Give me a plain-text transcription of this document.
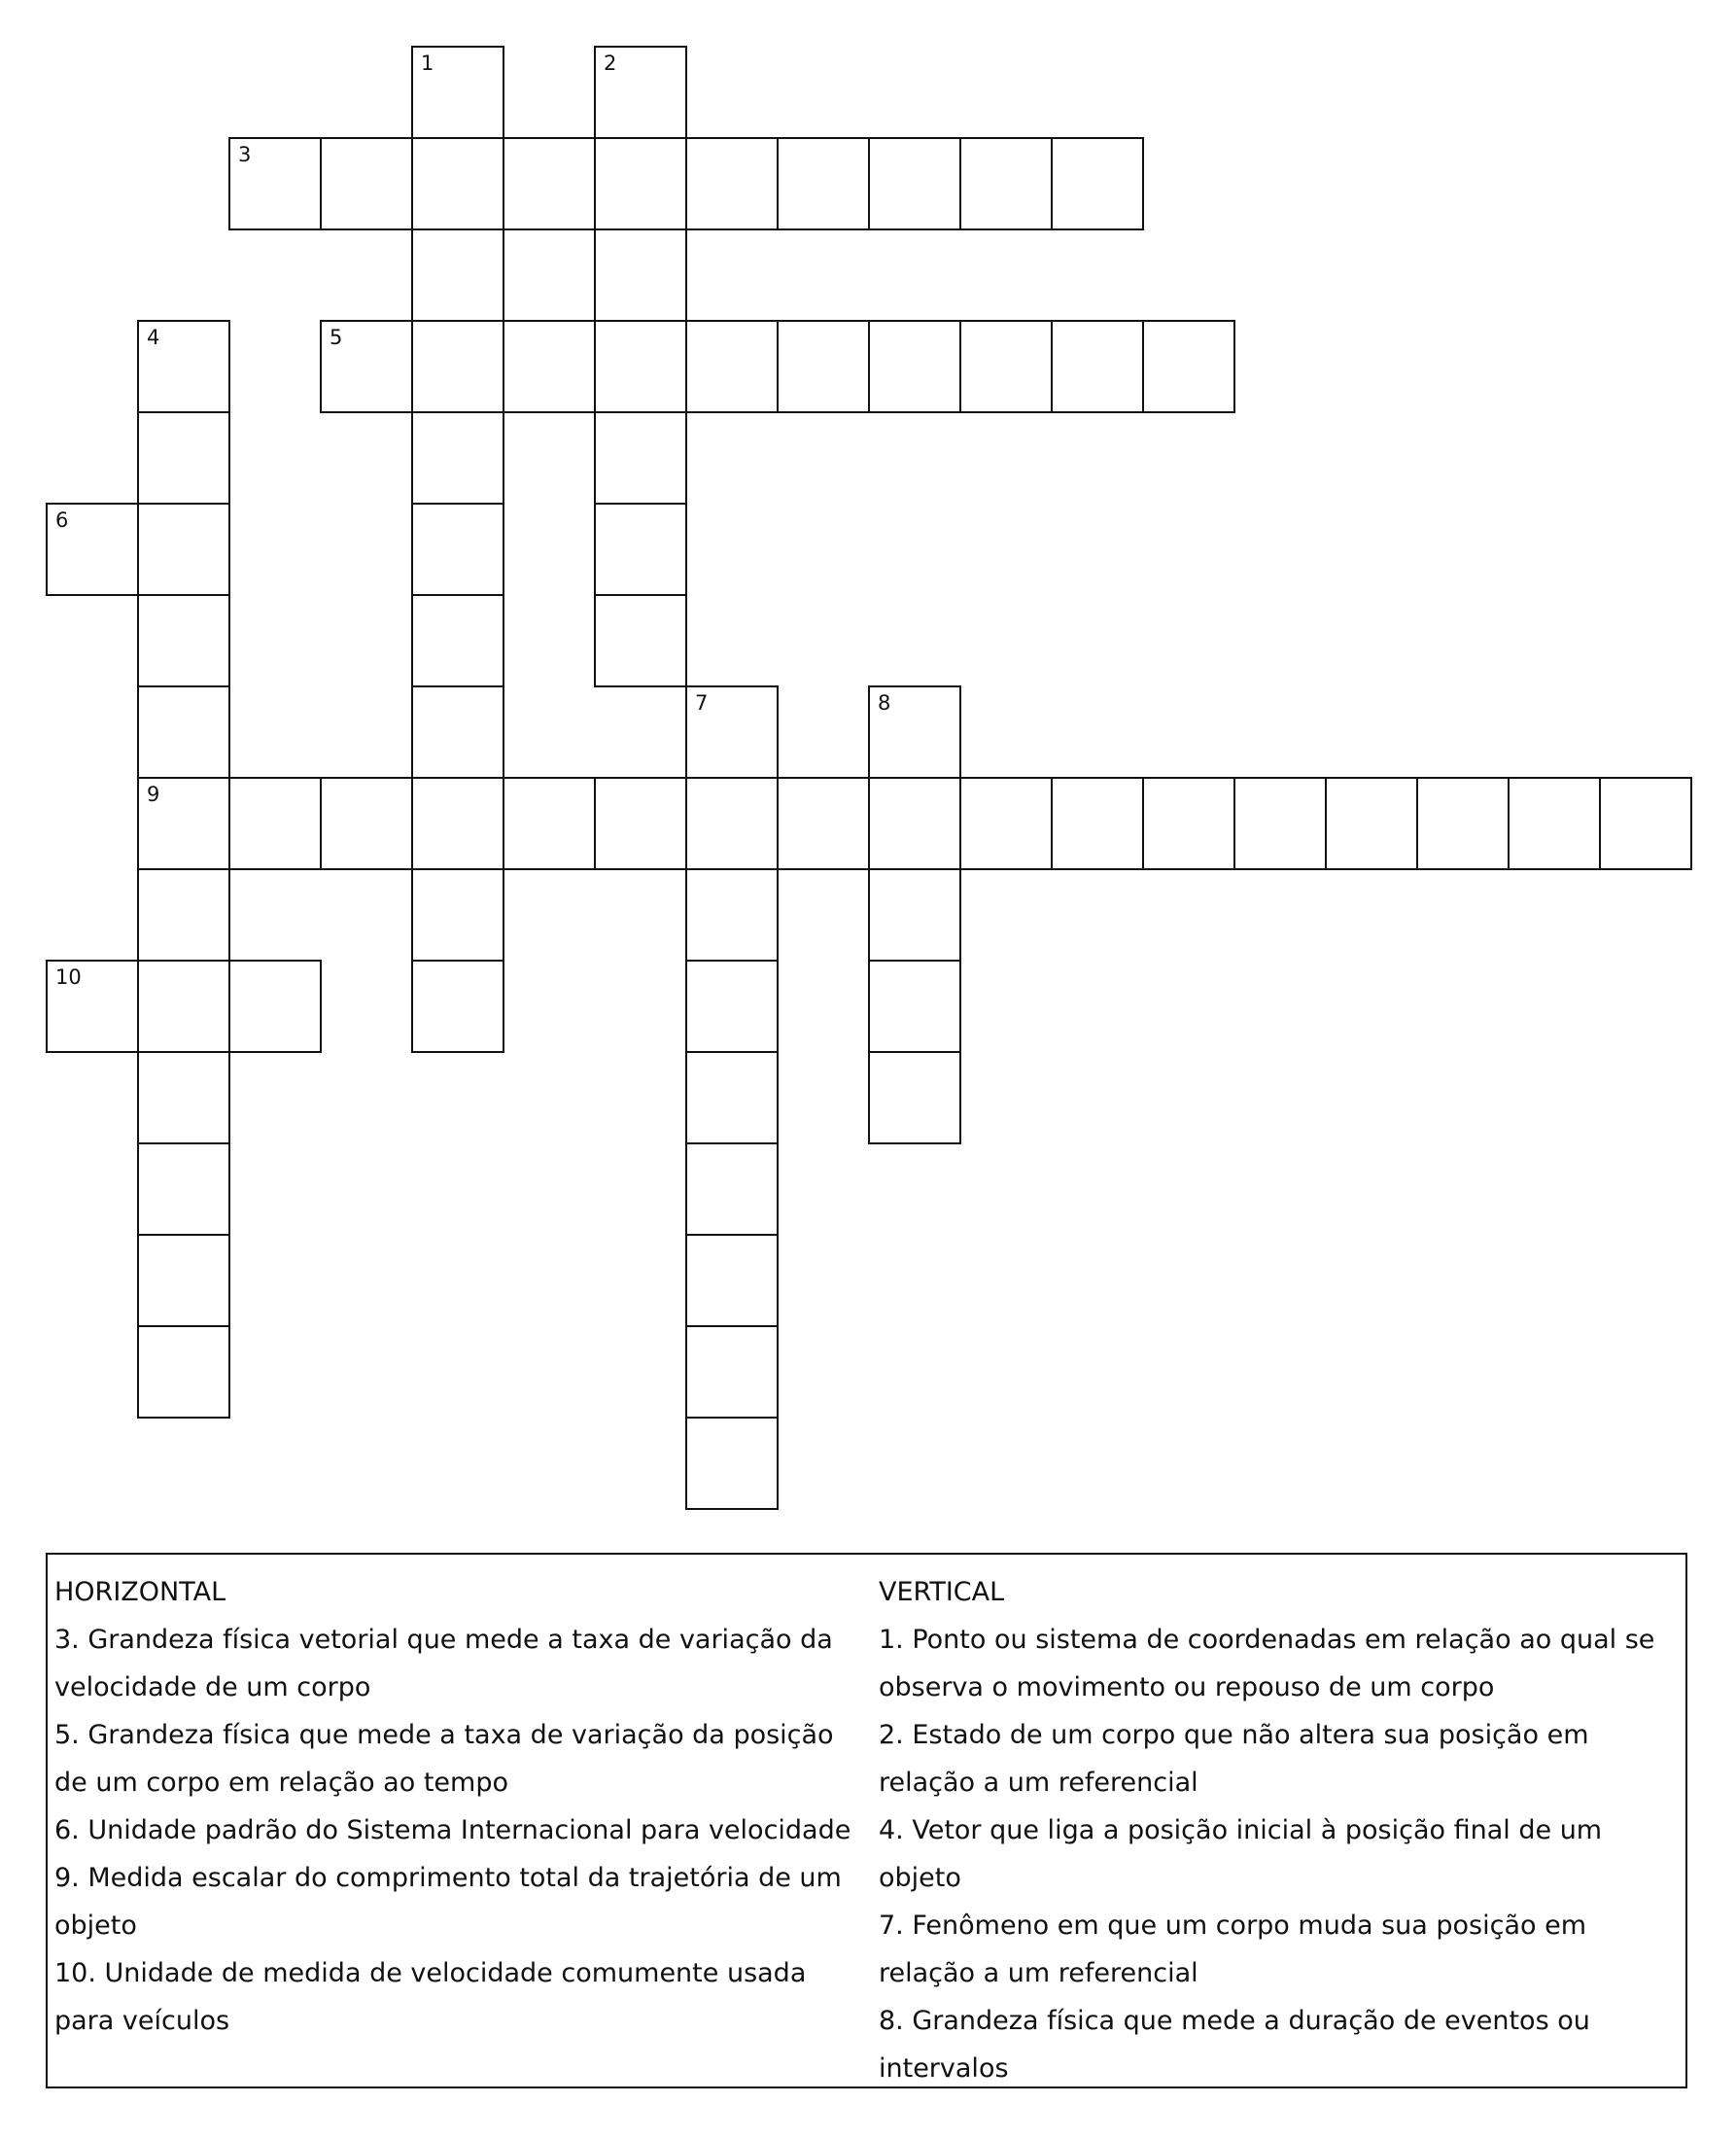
1	2
3
4	5
6
7	8
9
10
HORIZONTAL
3. Grandeza física vetorial que mede a taxa de variação da velocidade de um corpo
5. Grandeza física que mede a taxa de variação da posição de um corpo em relação ao tempo
6. Unidade padrão do Sistema Internacional para velocidade
9. Medida escalar do comprimento total da trajetória de um objeto
10. Unidade de medida de velocidade comumente usada para veículos
VERTICAL
1. Ponto ou sistema de coordenadas em relação ao qual se observa o movimento ou repouso de um corpo
2. Estado de um corpo que não altera sua posição em relação a um referencial
4. Vetor que liga a posição inicial à posição final de um objeto
7. Fenômeno em que um corpo muda sua posição em relação a um referencial
8. Grandeza física que mede a duração de eventos ou intervalos
